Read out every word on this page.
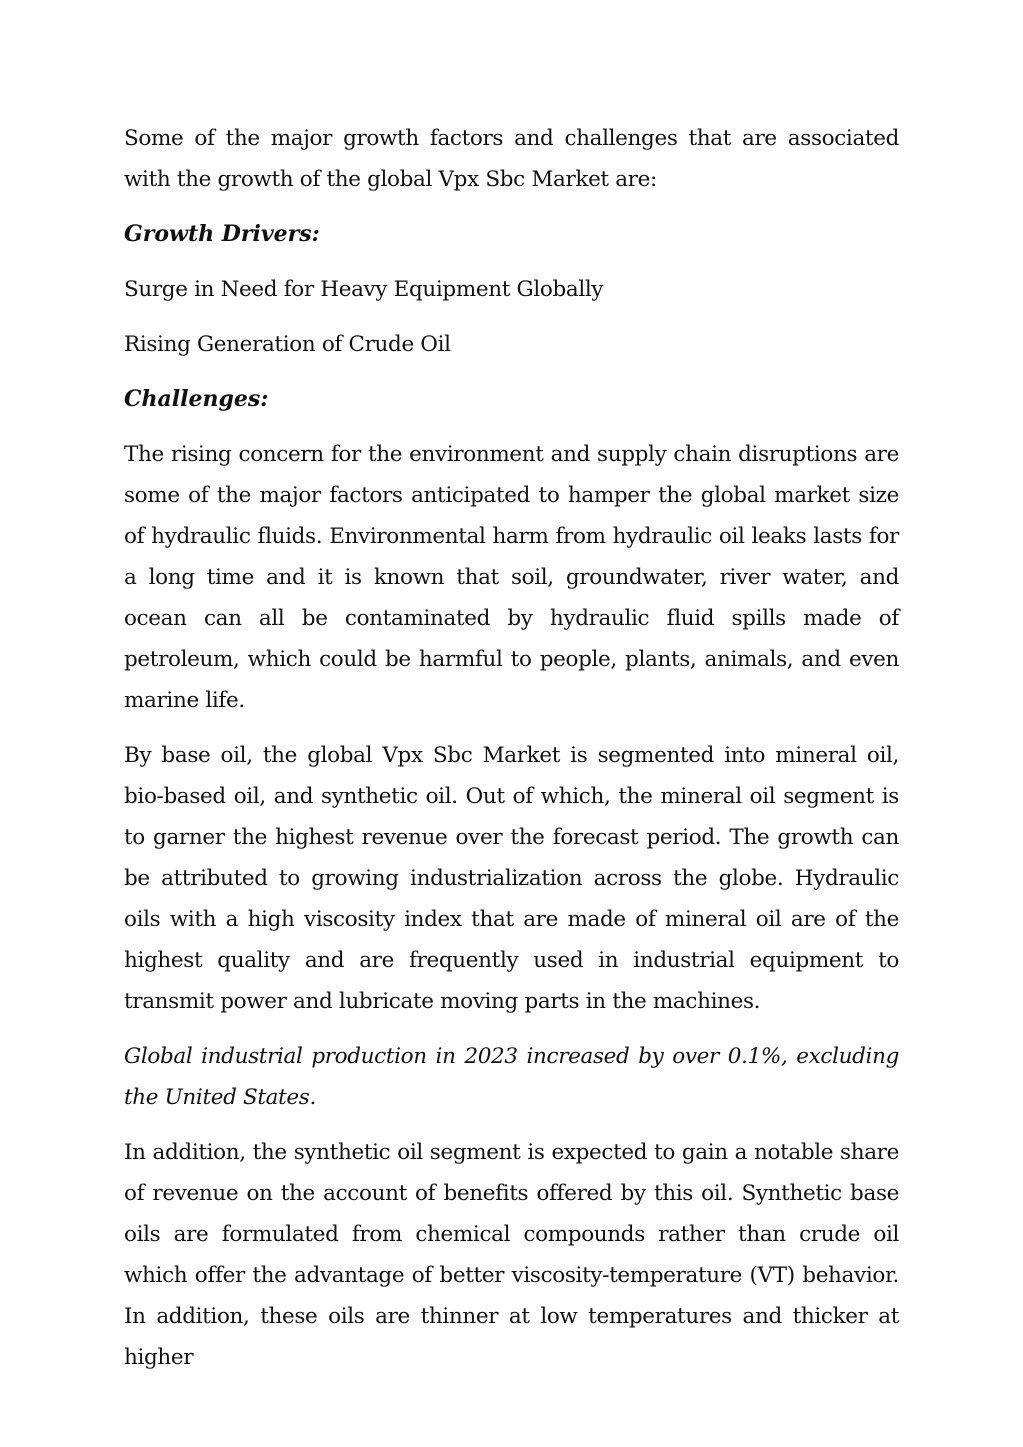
Some of the major growth factors and challenges that are associated with the growth of the global Vpx Sbc Market are:

Growth Drivers:

Surge in Need for Heavy Equipment Globally

Rising Generation of Crude Oil

Challenges:

The rising concern for the environment and supply chain disruptions are some of the major factors anticipated to hamper the global market size of hydraulic fluids. Environmental harm from hydraulic oil leaks lasts for a long time and it is known that soil, groundwater, river water, and ocean can all be contaminated by hydraulic fluid spills made of petroleum, which could be harmful to people, plants, animals, and even marine life.

By base oil, the global Vpx Sbc Market is segmented into mineral oil, bio-based oil, and synthetic oil. Out of which, the mineral oil segment is to garner the highest revenue over the forecast period. The growth can be attributed to growing industrialization across the globe. Hydraulic oils with a high viscosity index that are made of mineral oil are of the highest quality and are frequently used in industrial equipment to transmit power and lubricate moving parts in the machines.

Global industrial production in 2023 increased by over 0.1%, excluding the United States.

In addition, the synthetic oil segment is expected to gain a notable share of revenue on the account of benefits offered by this oil. Synthetic base oils are formulated from chemical compounds rather than crude oil which offer the advantage of better viscosity-temperature (VT) behavior. In addition, these oils are thinner at low temperatures and thicker at higher
